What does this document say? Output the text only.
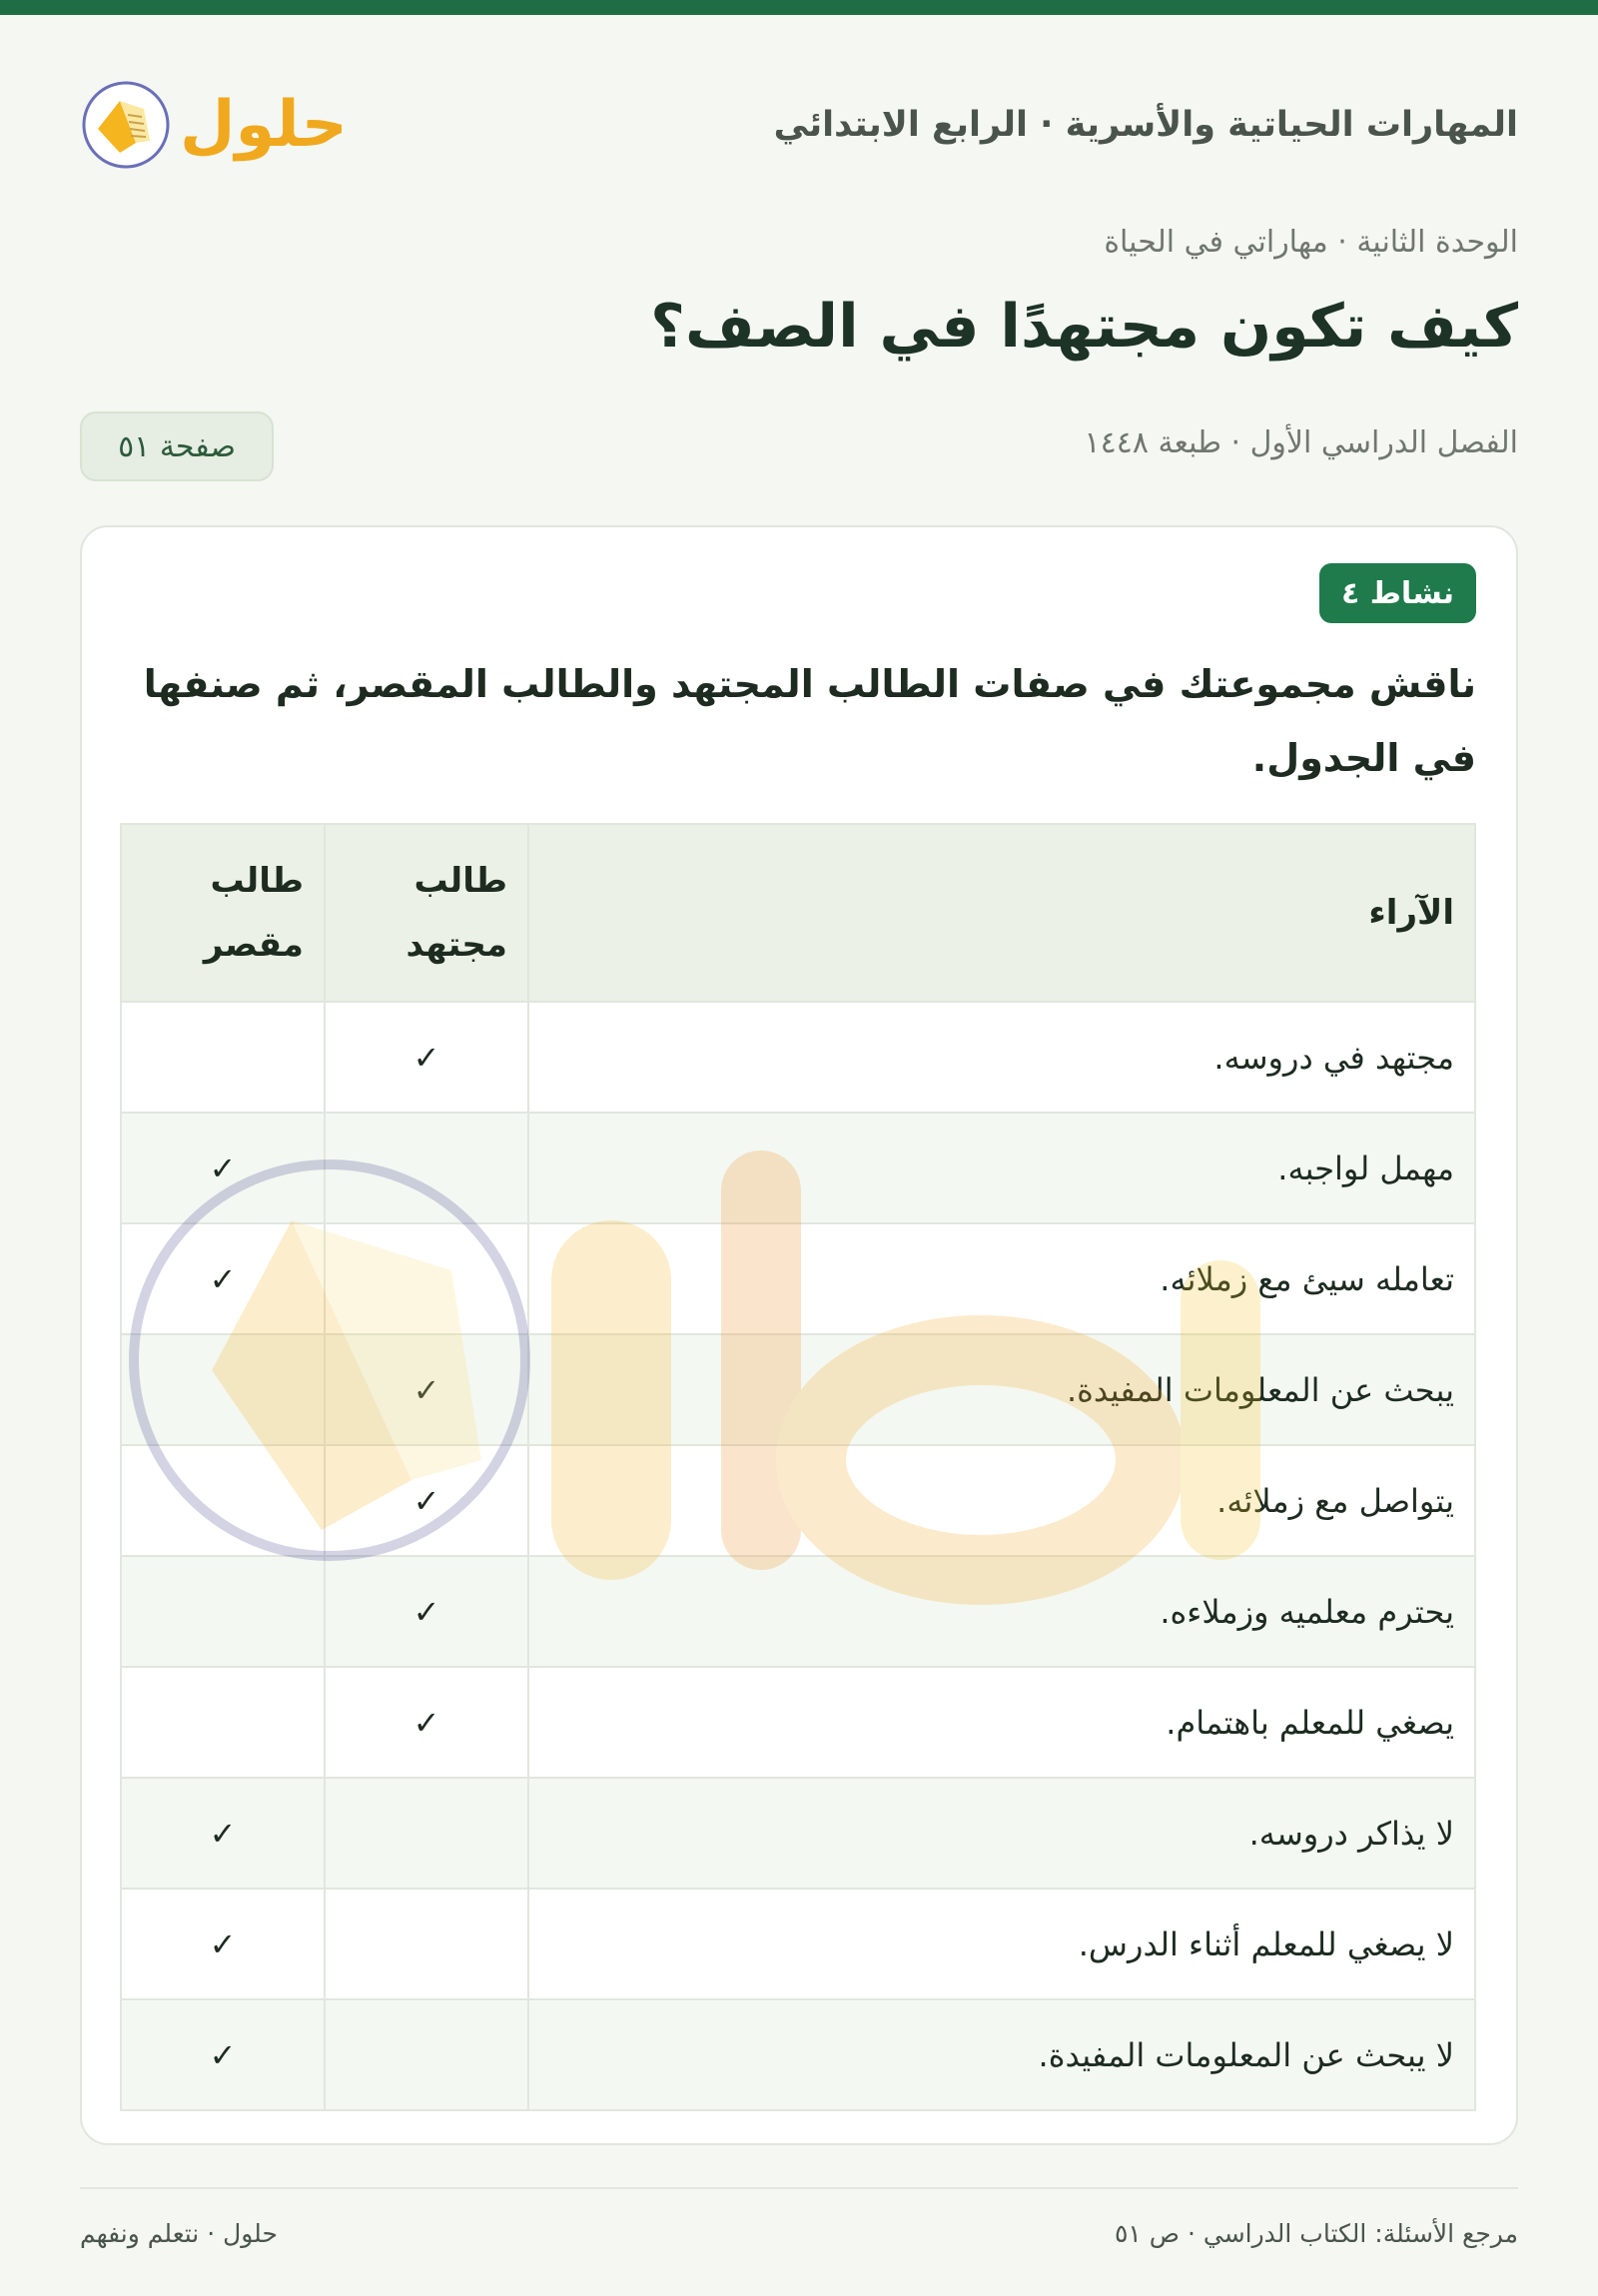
المهارات الحياتية والأسرية · الرابع الابتدائي
حلول
الوحدة الثانية · مهاراتي في الحياة
كيف تكون مجتهدًا في الصف؟
الفصل الدراسي الأول · طبعة ١٤٤٨
صفحة ٥١
نشاط ٤

ناقش مجموعتك في صفات الطالب المجتهد والطالب المقصر، ثم صنفها في الجدول.

الآراء	طالب مجتهد	طالب مقصر
مجتهد في دروسه.	✓	
مهمل لواجبه.		✓
تعامله سيئ مع زملائه.		✓
يبحث عن المعلومات المفيدة.	✓	
يتواصل مع زملائه.	✓	
يحترم معلميه وزملاءه.	✓	
يصغي للمعلم باهتمام.	✓	
لا يذاكر دروسه.		✓
لا يصغي للمعلم أثناء الدرس.		✓
لا يبحث عن المعلومات المفيدة.		✓
مرجع الأسئلة: الكتاب الدراسي · ص ٥١
حلول · نتعلم ونفهم
